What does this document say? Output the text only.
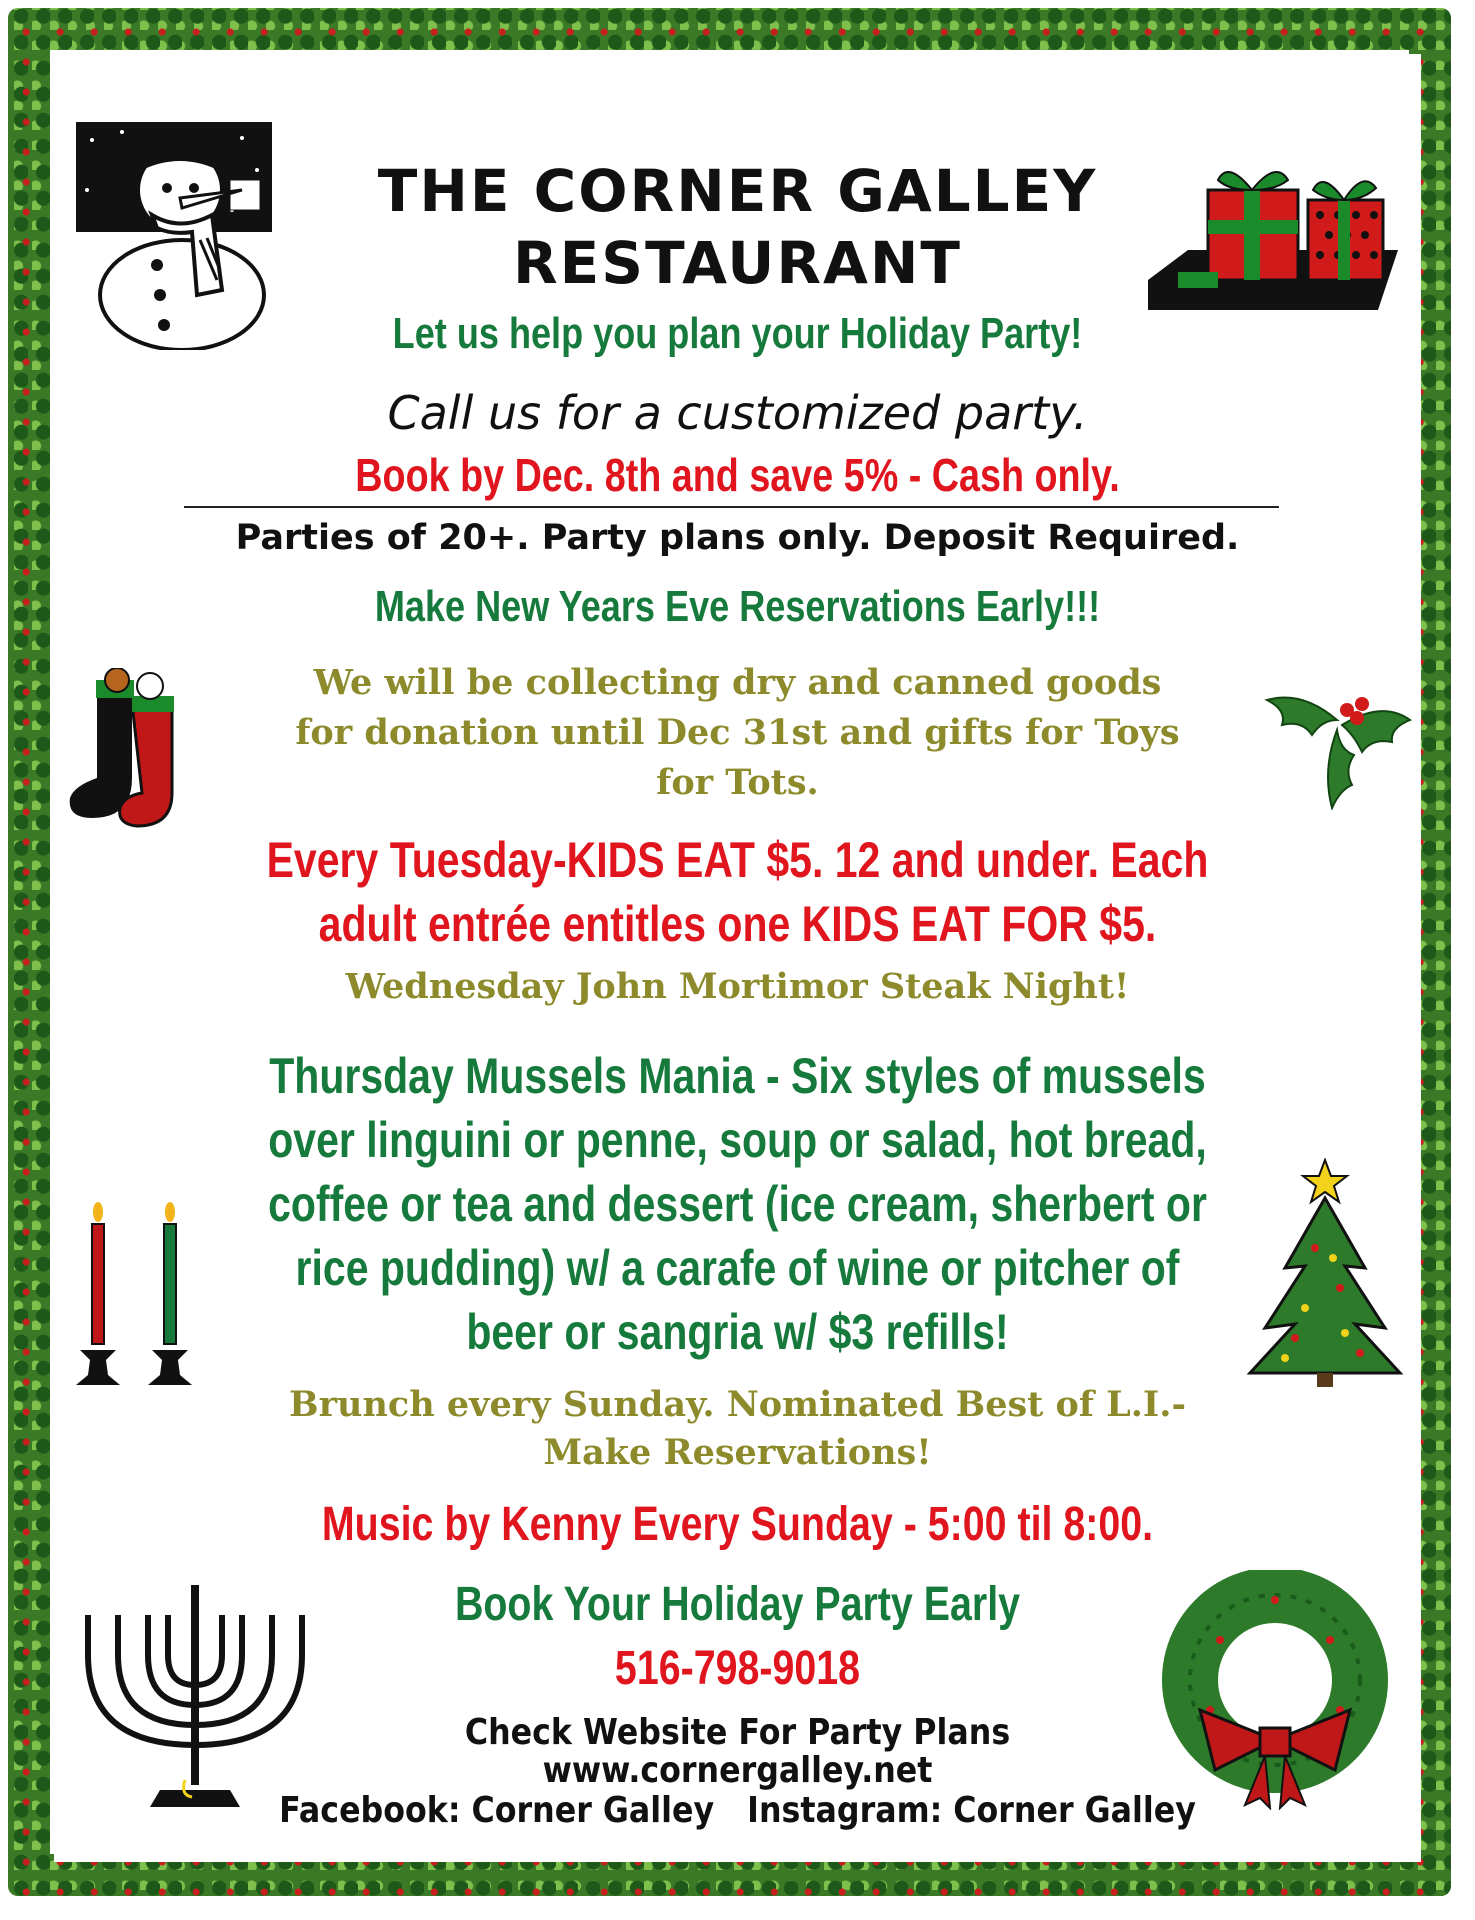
THE CORNER GALLEY

RESTAURANT

Let us help you plan your Holiday Party!

Call us for a customized party.

Book by Dec. 8th and save 5% - Cash only.

Parties of 20+. Party plans only. Deposit Required.

Make New Years Eve Reservations Early!!!

We will be collecting dry and canned goods

for donation until Dec 31st and gifts for Toys

for Tots.

Every Tuesday-KIDS EAT $5. 12 and under. Each

adult entrée entitles one KIDS EAT FOR $5.

Wednesday John Mortimor Steak Night!

Thursday Mussels Mania - Six styles of mussels

over linguini or penne, soup or salad, hot bread,

coffee or tea and dessert (ice cream, sherbert or

rice pudding) w/ a carafe of wine or pitcher of

beer or sangria w/ $3 refills!

Brunch every Sunday. Nominated Best of L.I.-

Make Reservations!

Music by Kenny Every Sunday - 5:00 til 8:00.

Book Your Holiday Party Early

516-798-9018

Check Website For Party Plans

www.cornergalley.net

Facebook: Corner Galley   Instagram: Corner Galley
